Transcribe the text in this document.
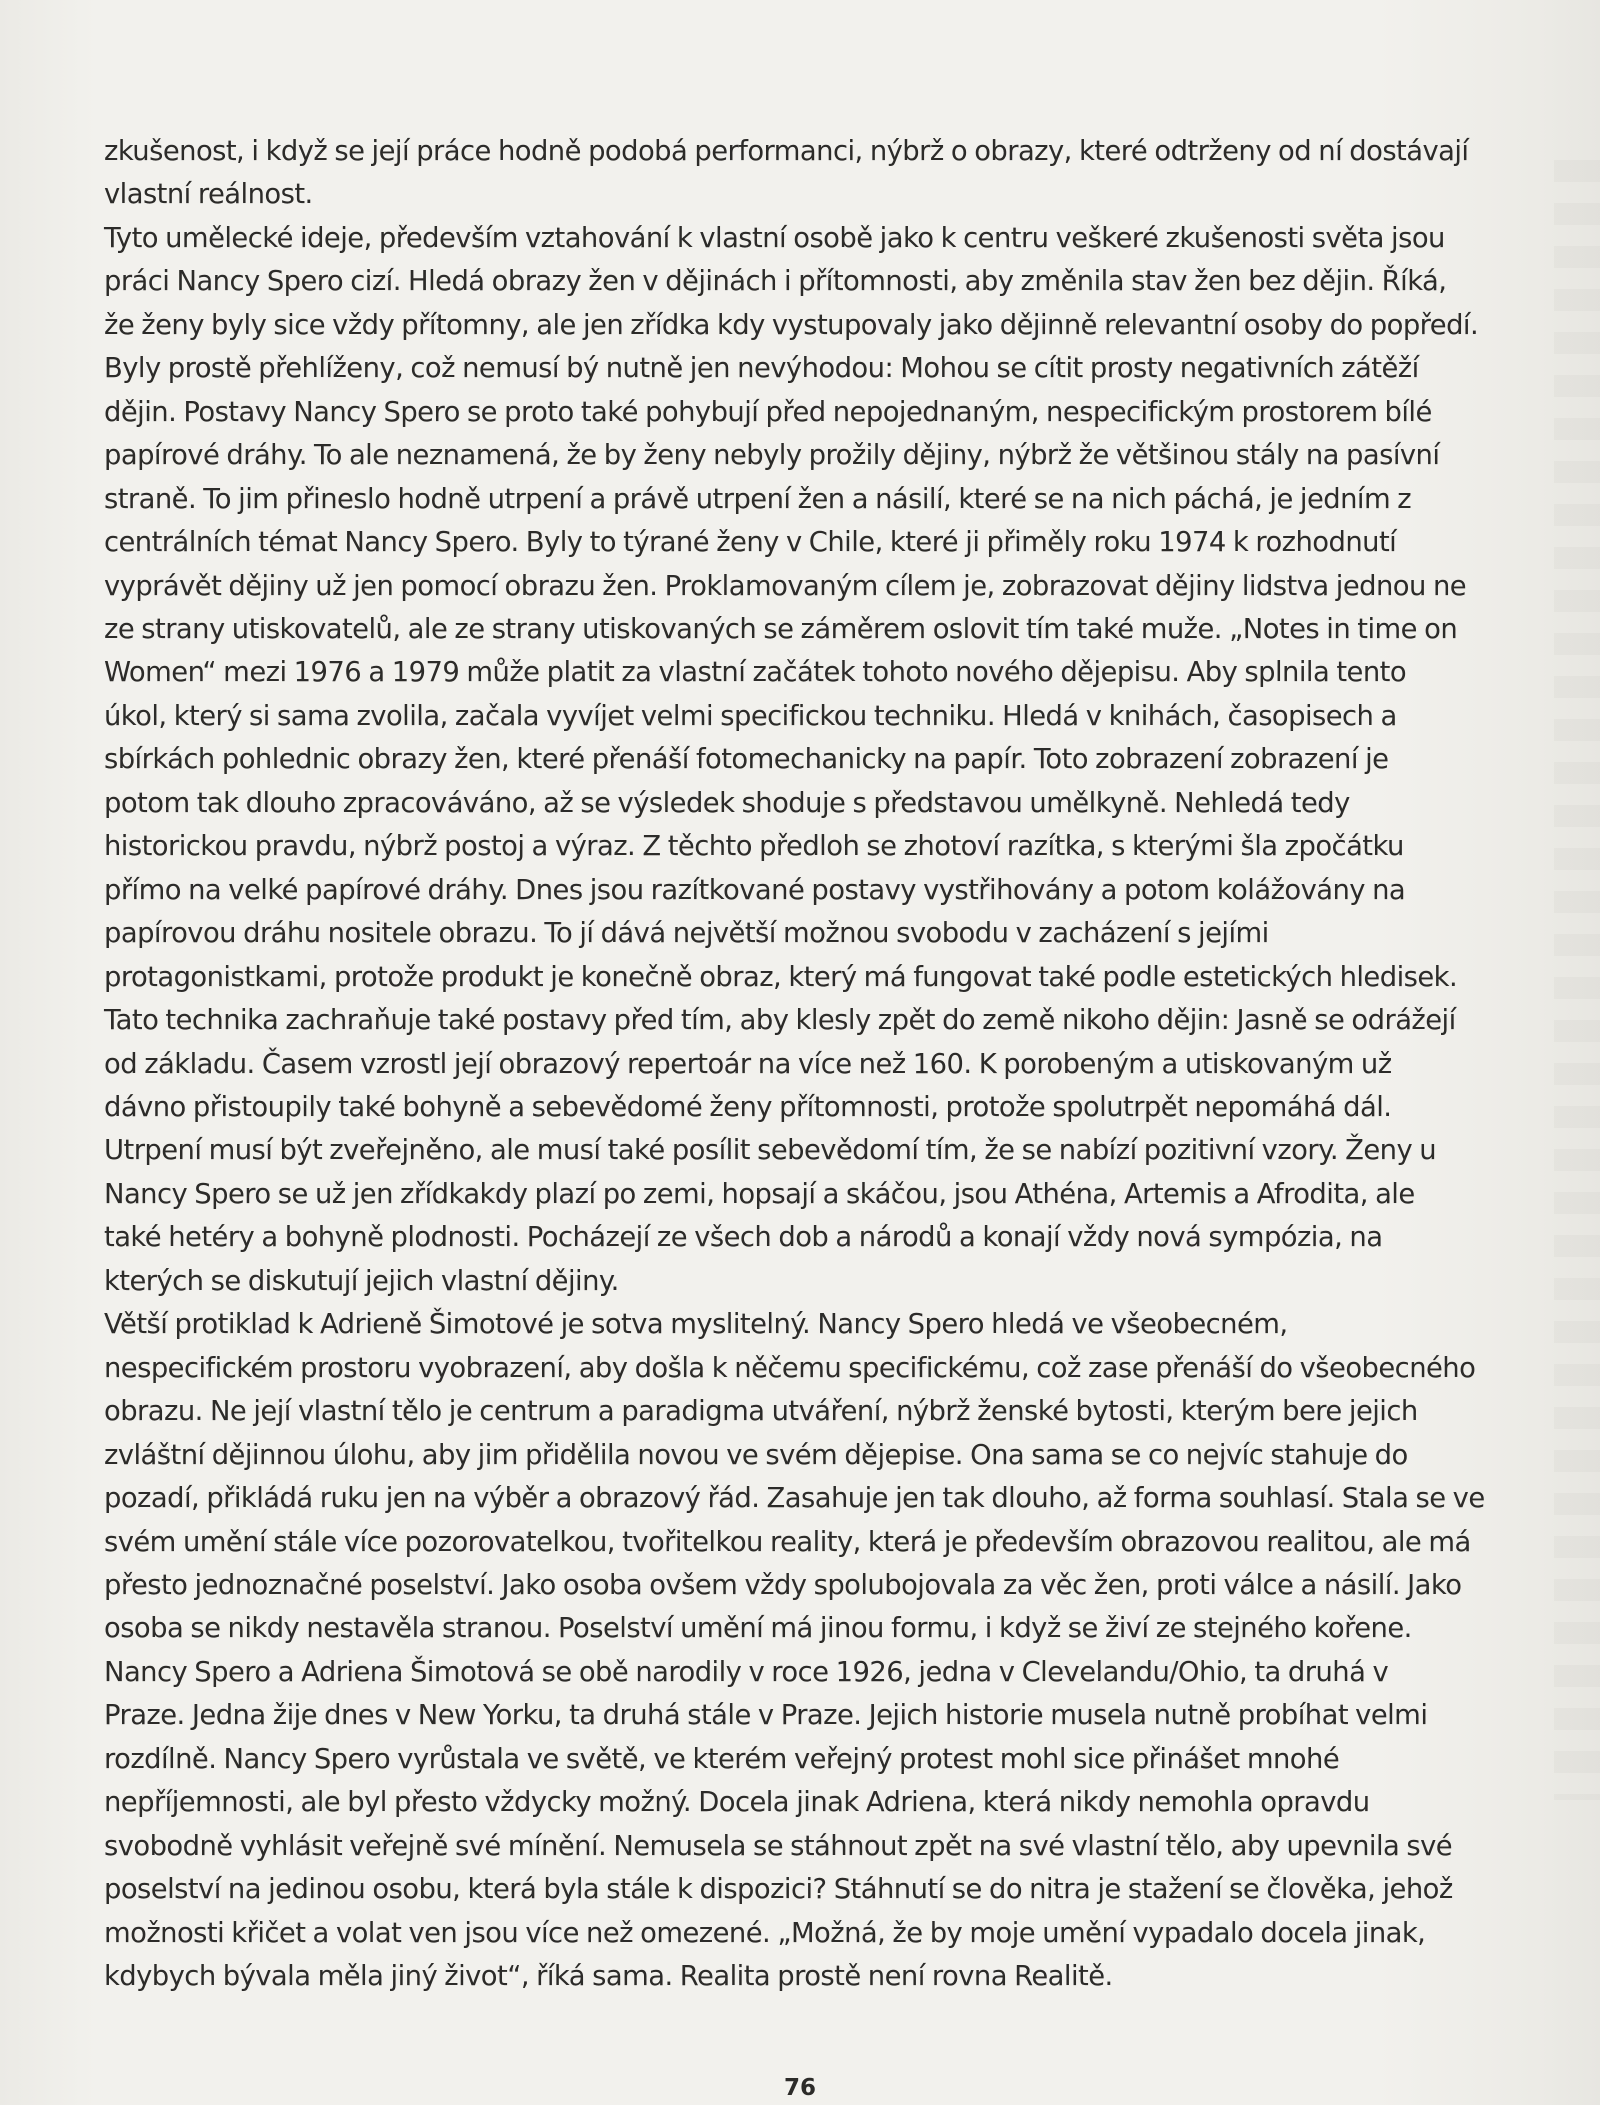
zkušenost, i když se její práce hodně podobá performanci, nýbrž o obrazy, které odtrženy od ní dostávají
vlastní reálnost.
Tyto umělecké ideje, především vztahování k vlastní osobě jako k centru veškeré zkušenosti světa jsou
práci Nancy Spero cizí. Hledá obrazy žen v dějinách i přítomnosti, aby změnila stav žen bez dějin. Říká,
že ženy byly sice vždy přítomny, ale jen zřídka kdy vystupovaly jako dějinně relevantní osoby do popředí.
Byly prostě přehlíženy, což nemusí bý nutně jen nevýhodou: Mohou se cítit prosty negativních zátěží
dějin. Postavy Nancy Spero se proto také pohybují před nepojednaným, nespecifickým prostorem bílé
papírové dráhy. To ale neznamená, že by ženy nebyly prožily dějiny, nýbrž že většinou stály na pasívní
straně. To jim přineslo hodně utrpení a právě utrpení žen a násilí, které se na nich páchá, je jedním z
centrálních témat Nancy Spero. Byly to týrané ženy v Chile, které ji přiměly roku 1974 k rozhodnutí
vyprávět dějiny už jen pomocí obrazu žen. Proklamovaným cílem je, zobrazovat dějiny lidstva jednou ne
ze strany utiskovatelů, ale ze strany utiskovaných se záměrem oslovit tím také muže. „Notes in time on
Women“ mezi 1976 a 1979 může platit za vlastní začátek tohoto nového dějepisu. Aby splnila tento
úkol, který si sama zvolila, začala vyvíjet velmi specifickou techniku. Hledá v knihách, časopisech a
sbírkách pohlednic obrazy žen, které přenáší fotomechanicky na papír. Toto zobrazení zobrazení je
potom tak dlouho zpracováváno, až se výsledek shoduje s představou umělkyně. Nehledá tedy
historickou pravdu, nýbrž postoj a výraz. Z těchto předloh se zhotoví razítka, s kterými šla zpočátku
přímo na velké papírové dráhy. Dnes jsou razítkované postavy vystřihovány a potom kolážovány na
papírovou dráhu nositele obrazu. To jí dává největší možnou svobodu v zacházení s jejími
protagonistkami, protože produkt je konečně obraz, který má fungovat také podle estetických hledisek.
Tato technika zachraňuje také postavy před tím, aby klesly zpět do země nikoho dějin: Jasně se odrážejí
od základu. Časem vzrostl její obrazový repertoár na více než 160. K porobeným a utiskovaným už
dávno přistoupily také bohyně a sebevědomé ženy přítomnosti, protože spolutrpět nepomáhá dál.
Utrpení musí být zveřejněno, ale musí také posílit sebevědomí tím, že se nabízí pozitivní vzory. Ženy u
Nancy Spero se už jen zřídkakdy plazí po zemi, hopsají a skáčou, jsou Athéna, Artemis a Afrodita, ale
také hetéry a bohyně plodnosti. Pocházejí ze všech dob a národů a konají vždy nová sympózia, na
kterých se diskutují jejich vlastní dějiny.
Větší protiklad k Adrieně Šimotové je sotva myslitelný. Nancy Spero hledá ve všeobecném,
nespecifickém prostoru vyobrazení, aby došla k něčemu specifickému, což zase přenáší do všeobecného
obrazu. Ne její vlastní tělo je centrum a paradigma utváření, nýbrž ženské bytosti, kterým bere jejich
zvláštní dějinnou úlohu, aby jim přidělila novou ve svém dějepise. Ona sama se co nejvíc stahuje do
pozadí, přikládá ruku jen na výběr a obrazový řád. Zasahuje jen tak dlouho, až forma souhlasí. Stala se ve
svém umění stále více pozorovatelkou, tvořitelkou reality, která je především obrazovou realitou, ale má
přesto jednoznačné poselství. Jako osoba ovšem vždy spolubojovala za věc žen, proti válce a násilí. Jako
osoba se nikdy nestavěla stranou. Poselství umění má jinou formu, i když se živí ze stejného kořene.
Nancy Spero a Adriena Šimotová se obě narodily v roce 1926, jedna v Clevelandu/Ohio, ta druhá v
Praze. Jedna žije dnes v New Yorku, ta druhá stále v Praze. Jejich historie musela nutně probíhat velmi
rozdílně. Nancy Spero vyrůstala ve světě, ve kterém veřejný protest mohl sice přinášet mnohé
nepříjemnosti, ale byl přesto vždycky možný. Docela jinak Adriena, která nikdy nemohla opravdu
svobodně vyhlásit veřejně své mínění. Nemusela se stáhnout zpět na své vlastní tělo, aby upevnila své
poselství na jedinou osobu, která byla stále k dispozici? Stáhnutí se do nitra je stažení se člověka, jehož
možnosti křičet a volat ven jsou více než omezené. „Možná, že by moje umění vypadalo docela jinak,
kdybych bývala měla jiný život“, říká sama. Realita prostě není rovna Realitě.
76
